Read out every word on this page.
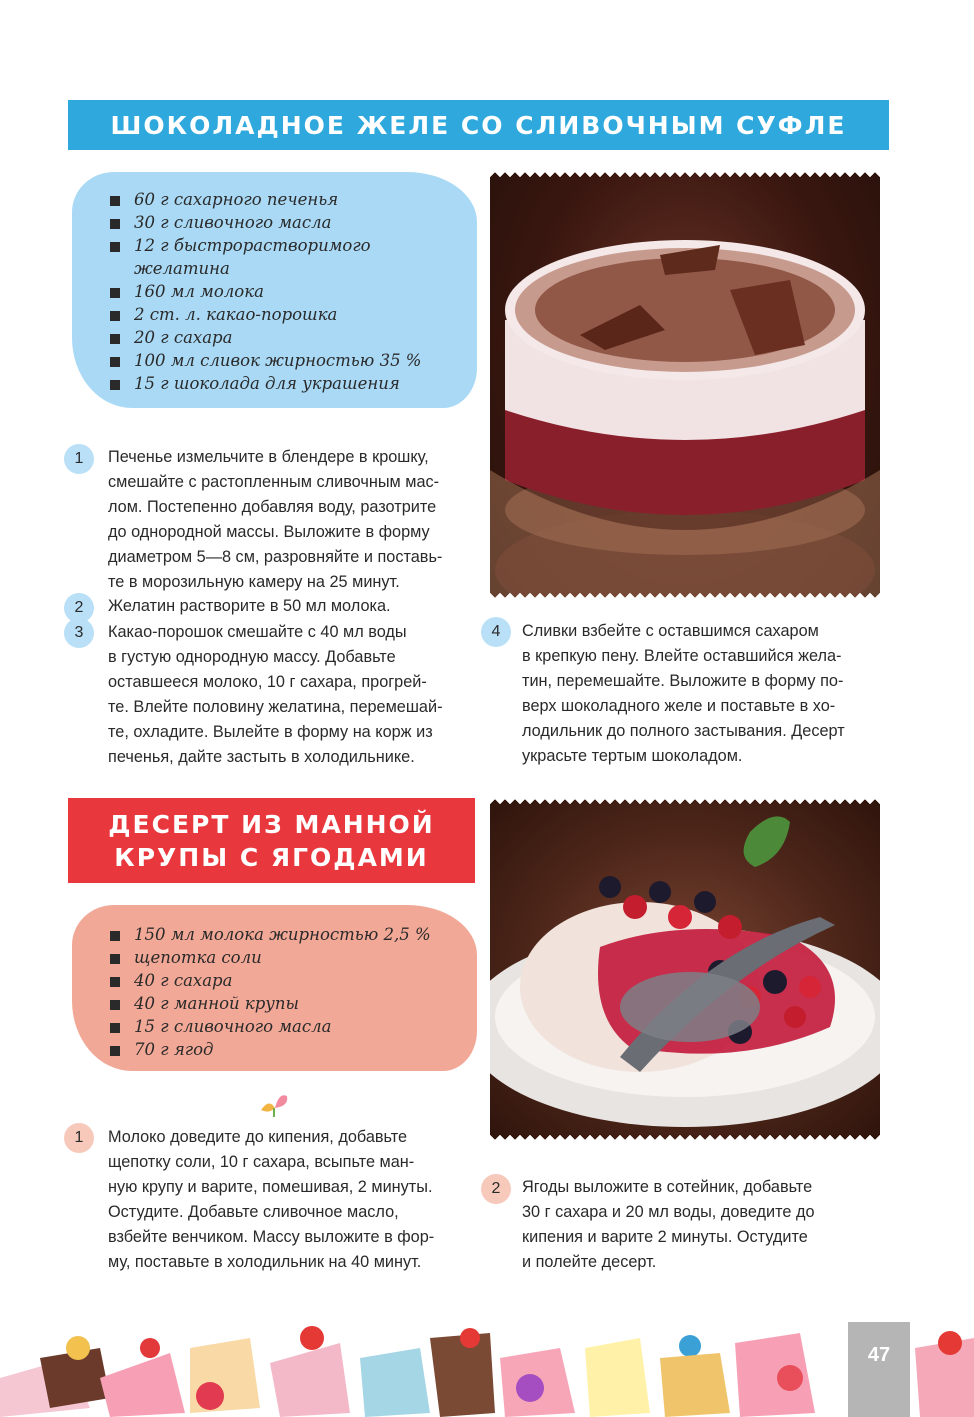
ШОКОЛАДНОЕ ЖЕЛЕ СО СЛИВОЧНЫМ СУФЛЕ
60 г сахарного печенья
30 г сливочного масла
12 г быстрорастворимого
желатина
160 мл молока
2 ст. л. какао-порошка
20 г сахара
100 мл сливок жирностью 35 %
15 г шоколада для украшения
1	Печенье измельчите в блендере в крошку,
смешайте с растопленным сливочным мас-
лом. Постепенно добавляя воду, разотрите
до однородной массы. Выложите в форму
диаметром 5—8 см, разровняйте и поставь-
те в морозильную камеру на 25 минут.
2	Желатин растворите в 50 мл молока.
3	Какао-порошок смешайте с 40 мл воды
в густую однородную массу. Добавьте
оставшееся молоко, 10 г сахара, прогрей-
те. Влейте половину желатина, перемешай-
те, охладите. Вылейте в форму на корж из
печенья, дайте застыть в холодильнике.
4	Сливки взбейте с оставшимся сахаром
в крепкую пену. Влейте оставшийся жела-
тин, перемешайте. Выложите в форму по-
верх шоколадного желе и поставьте в хо-
лодильник до полного застывания. Десерт
украсьте тертым шоколадом.
ДЕСЕРТ ИЗ МАННОЙ
КРУПЫ С ЯГОДАМИ
150 мл молока жирностью 2,5 %
щепотка соли
40 г сахара
40 г манной крупы
15 г сливочного масла
70 г ягод
1	Молоко доведите до кипения, добавьте
щепотку соли, 10 г сахара, всыпьте ман-
ную крупу и варите, помешивая, 2 минуты.
Остудите. Добавьте сливочное масло,
взбейте венчиком. Массу выложите в фор-
му, поставьте в холодильник на 40 минут.
2	Ягоды выложите в сотейник, добавьте
30 г сахара и 20 мл воды, доведите до
кипения и варите 2 минуты. Остудите
и полейте десерт.
47
